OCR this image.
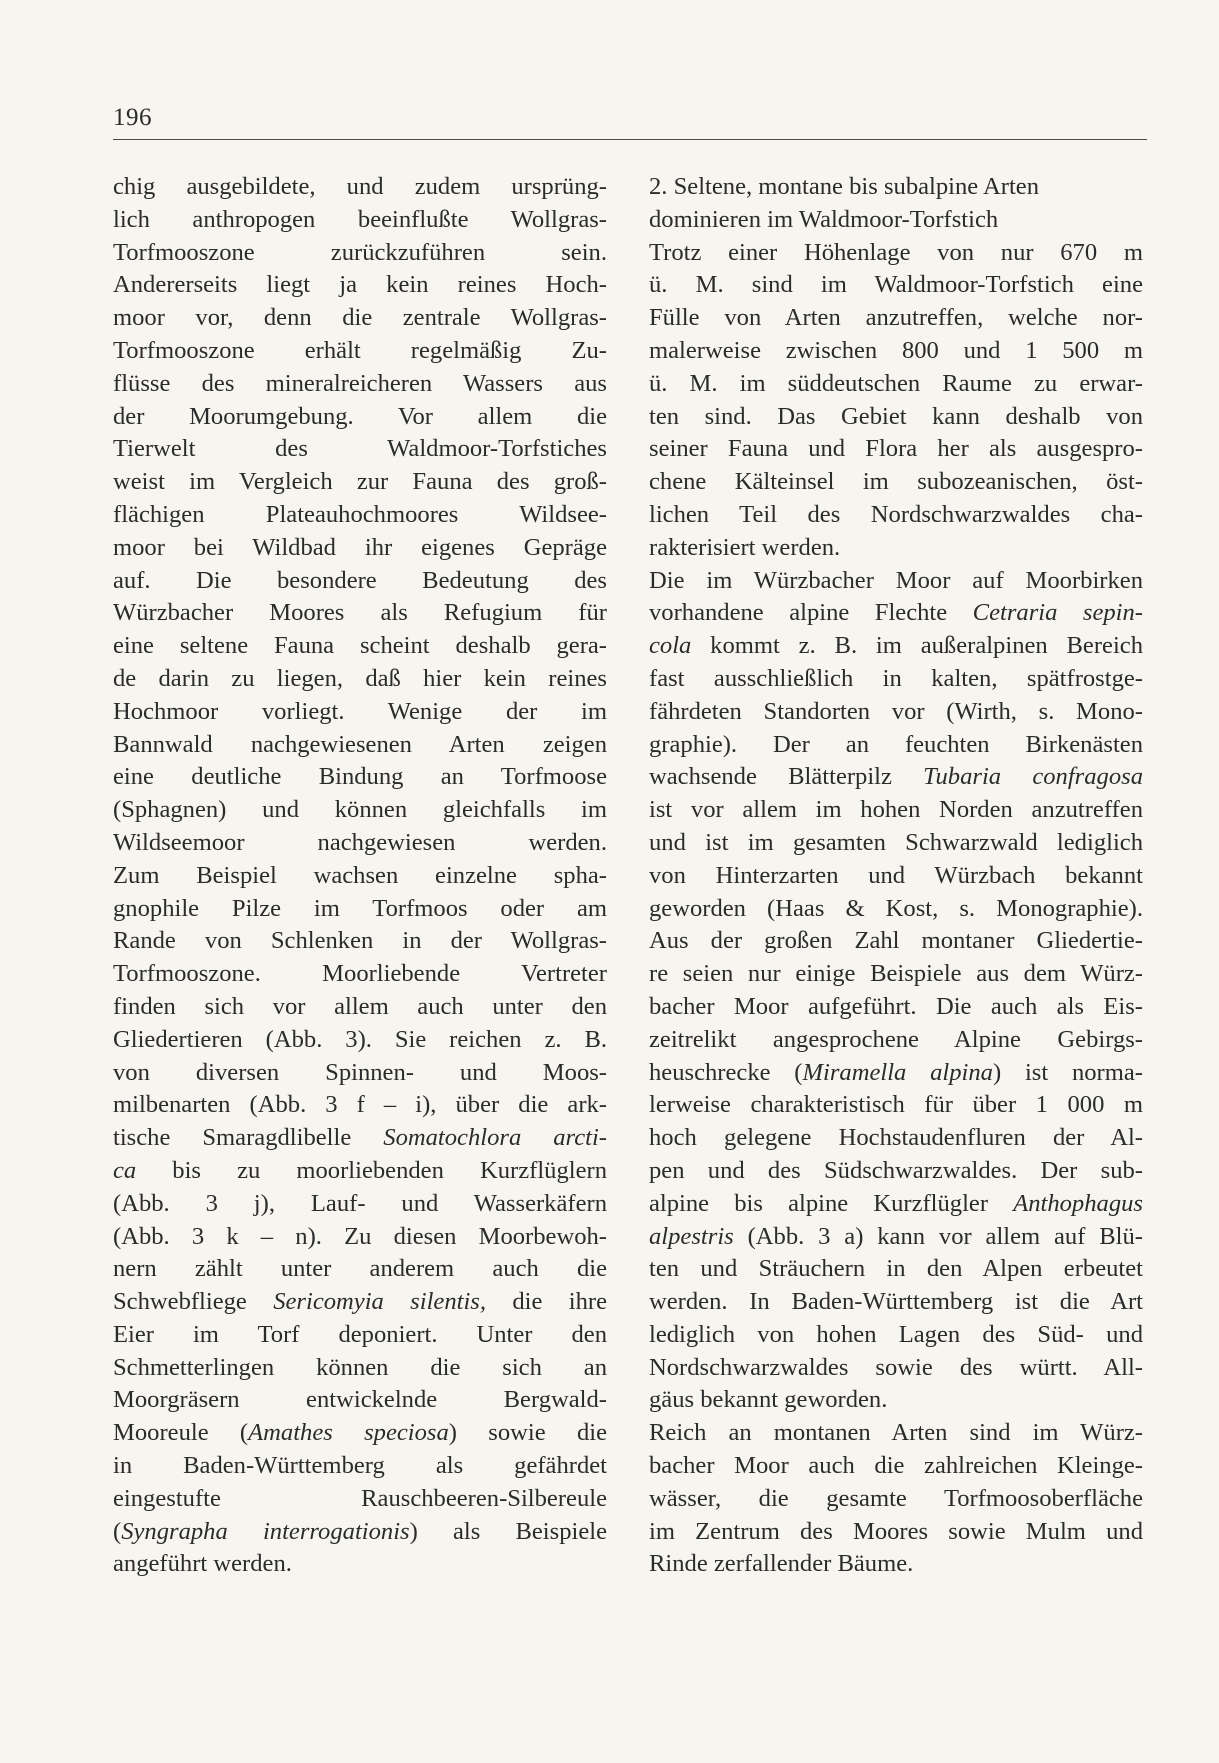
196
chig ausgebildete, und zudem ursprüng-
lich anthropogen beeinflußte Wollgras-
Torfmooszone zurückzuführen sein.
Andererseits liegt ja kein reines Hoch-
moor vor, denn die zentrale Wollgras-
Torfmooszone erhält regelmäßig Zu-
flüsse des mineralreicheren Wassers aus
der Moorumgebung. Vor allem die
Tierwelt des Waldmoor-Torfstiches
weist im Vergleich zur Fauna des groß-
flächigen Plateauhochmoores Wildsee-
moor bei Wildbad ihr eigenes Gepräge
auf. Die besondere Bedeutung des
Würzbacher Moores als Refugium für
eine seltene Fauna scheint deshalb gera-
de darin zu liegen, daß hier kein reines
Hochmoor vorliegt. Wenige der im
Bannwald nachgewiesenen Arten zeigen
eine deutliche Bindung an Torfmoose
(Sphagnen) und können gleichfalls im
Wildseemoor nachgewiesen werden.
Zum Beispiel wachsen einzelne spha-
gnophile Pilze im Torfmoos oder am
Rande von Schlenken in der Wollgras-
Torfmooszone. Moorliebende Vertreter
finden sich vor allem auch unter den
Gliedertieren (Abb. 3). Sie reichen z. B.
von diversen Spinnen- und Moos-
milbenarten (Abb. 3 f – i), über die ark-
tische Smaragdlibelle Somatochlora arcti-
ca bis zu moorliebenden Kurzflüglern
(Abb. 3 j), Lauf- und Wasserkäfern
(Abb. 3 k – n). Zu diesen Moorbewoh-
nern zählt unter anderem auch die
Schwebfliege Sericomyia silentis, die ihre
Eier im Torf deponiert. Unter den
Schmetterlingen können die sich an
Moorgräsern entwickelnde Bergwald-
Mooreule (Amathes speciosa) sowie die
in Baden-Württemberg als gefährdet
eingestufte Rauschbeeren-Silbereule
(Syngrapha interrogationis) als Beispiele
angeführt werden.
2. Seltene, montane bis subalpine Arten
dominieren im Waldmoor-Torfstich
Trotz einer Höhenlage von nur 670 m
ü. M. sind im Waldmoor-Torfstich eine
Fülle von Arten anzutreffen, welche nor-
malerweise zwischen 800 und 1 500 m
ü. M. im süddeutschen Raume zu erwar-
ten sind. Das Gebiet kann deshalb von
seiner Fauna und Flora her als ausgespro-
chene Kälteinsel im subozeanischen, öst-
lichen Teil des Nordschwarzwaldes cha-
rakterisiert werden.
Die im Würzbacher Moor auf Moorbirken
vorhandene alpine Flechte Cetraria sepin-
cola kommt z. B. im außeralpinen Bereich
fast ausschließlich in kalten, spätfrostge-
fährdeten Standorten vor (Wirth, s. Mono-
graphie). Der an feuchten Birkenästen
wachsende Blätterpilz Tubaria confragosa
ist vor allem im hohen Norden anzutreffen
und ist im gesamten Schwarzwald lediglich
von Hinterzarten und Würzbach bekannt
geworden (Haas & Kost, s. Monographie).
Aus der großen Zahl montaner Gliedertie-
re seien nur einige Beispiele aus dem Würz-
bacher Moor aufgeführt. Die auch als Eis-
zeitrelikt angesprochene Alpine Gebirgs-
heuschrecke (Miramella alpina) ist norma-
lerweise charakteristisch für über 1 000 m
hoch gelegene Hochstaudenfluren der Al-
pen und des Südschwarzwaldes. Der sub-
alpine bis alpine Kurzflügler Anthophagus
alpestris (Abb. 3 a) kann vor allem auf Blü-
ten und Sträuchern in den Alpen erbeutet
werden. In Baden-Württemberg ist die Art
lediglich von hohen Lagen des Süd- und
Nordschwarzwaldes sowie des württ. All-
gäus bekannt geworden.
Reich an montanen Arten sind im Würz-
bacher Moor auch die zahlreichen Kleinge-
wässer, die gesamte Torfmoosoberfläche
im Zentrum des Moores sowie Mulm und
Rinde zerfallender Bäume.
